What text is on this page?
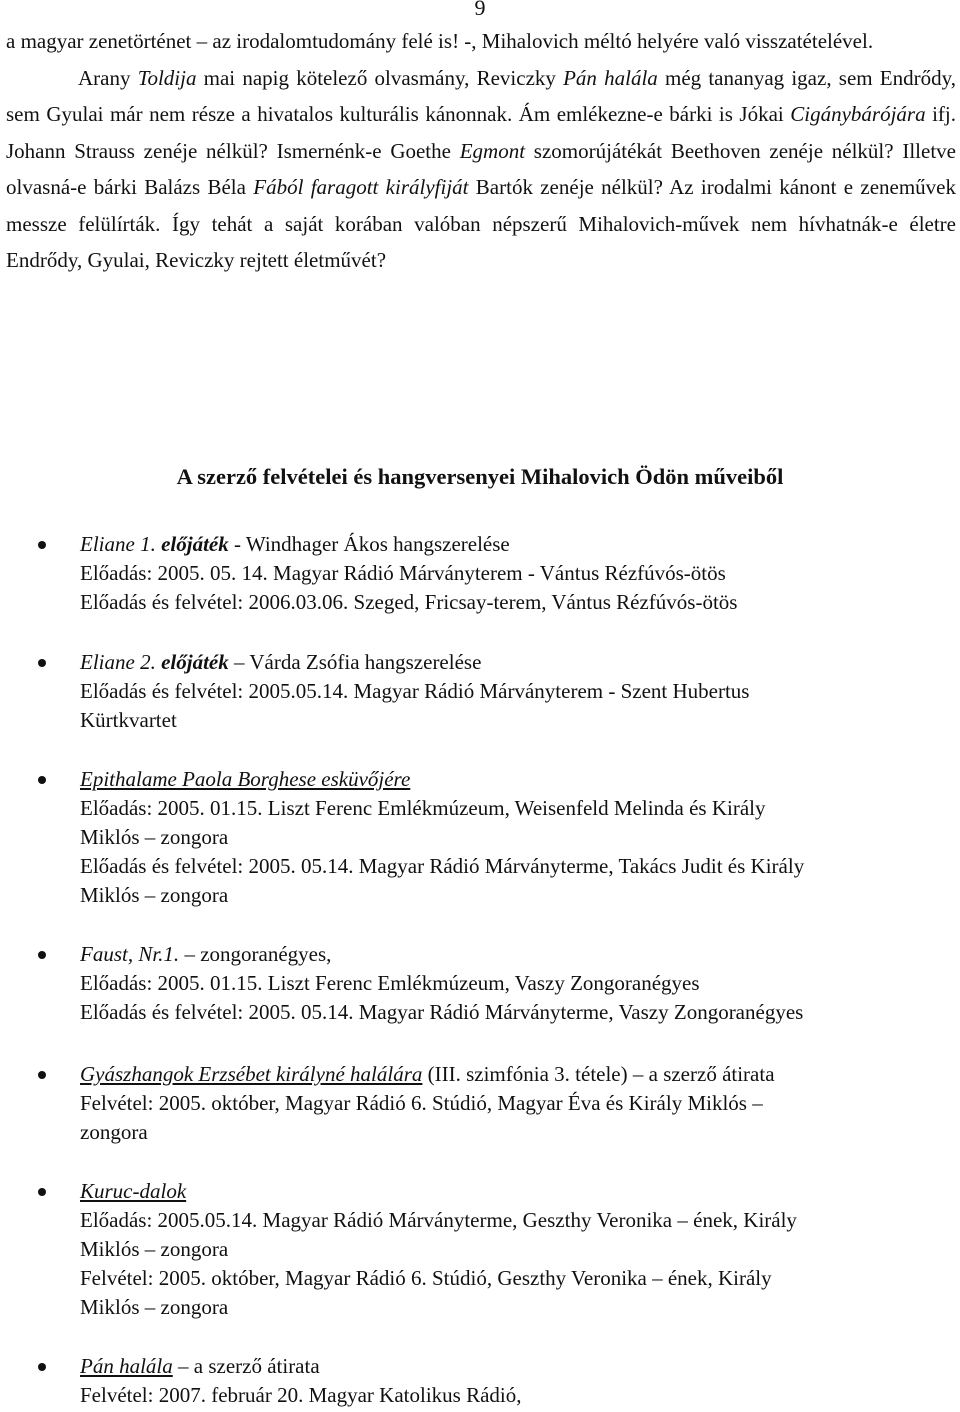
9

a magyar zenetörténet – az irodalomtudomány felé is! -, Mihalovich méltó helyére való visszatételével.

Arany Toldija mai napig kötelező olvasmány, Reviczky Pán halála még tananyag igaz, sem Endrődy, sem Gyulai már nem része a hivatalos kulturális kánonnak. Ám emlékezne-e bárki is Jókai Cigánybárójára ifj. Johann Strauss zenéje nélkül? Ismernénk-e Goethe Egmont szomorújátékát Beethoven zenéje nélkül? Illetve olvasná-e bárki Balázs Béla Fából faragott királyfiját Bartók zenéje nélkül? Az irodalmi kánont e zeneművek messze felülírták. Így tehát a saját korában valóban népszerű Mihalovich-művek nem hívhatnák-e életre Endrődy, Gyulai, Reviczky rejtett életművét?

A szerző felvételei és hangversenyei Mihalovich Ödön műveiből
Eliane 1. előjáték - Windhager Ákos hangszerelése
Előadás: 2005. 05. 14. Magyar Rádió Márványterem - Vántus Rézfúvós-ötös
Előadás és felvétel: 2006.03.06. Szeged, Fricsay-terem, Vántus Rézfúvós-ötös
Eliane 2. előjáték – Várda Zsófia hangszerelése
Előadás és felvétel: 2005.05.14. Magyar Rádió Márványterem - Szent Hubertus
Kürtkvartet
Epithalame Paola Borghese esküvőjére
Előadás: 2005. 01.15. Liszt Ferenc Emlékmúzeum, Weisenfeld Melinda és Király
Miklós – zongora
Előadás és felvétel: 2005. 05.14. Magyar Rádió Márványterme, Takács Judit és Király
Miklós – zongora
Faust, Nr.1. – zongoranégyes,
Előadás: 2005. 01.15. Liszt Ferenc Emlékmúzeum, Vaszy Zongoranégyes
Előadás és felvétel: 2005. 05.14. Magyar Rádió Márványterme, Vaszy Zongoranégyes
Gyászhangok Erzsébet királyné halálára (III. szimfónia 3. tétele) – a szerző átirata
Felvétel: 2005. október, Magyar Rádió 6. Stúdió, Magyar Éva és Király Miklós –
zongora
Kuruc-dalok
Előadás: 2005.05.14. Magyar Rádió Márványterme, Geszthy Veronika – ének, Király
Miklós – zongora
Felvétel: 2005. október, Magyar Rádió 6. Stúdió, Geszthy Veronika – ének, Király
Miklós – zongora
Pán halála – a szerző átirata
Felvétel: 2007. február 20. Magyar Katolikus Rádió,
